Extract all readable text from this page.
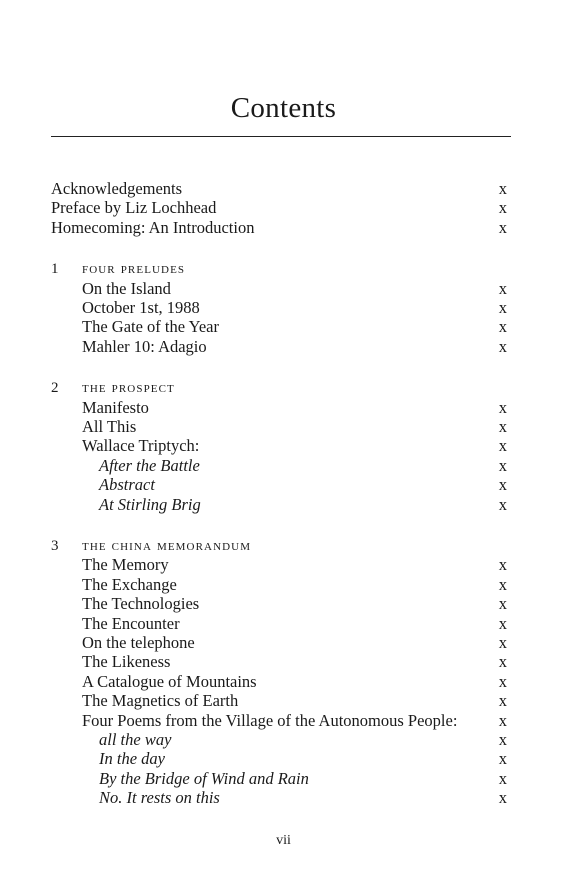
Contents
Acknowledgements	x
Preface by Liz Lochhead	x
Homecoming: An Introduction	x
1 four preludes
On the Island	x
October 1st, 1988	x
The Gate of the Year	x
Mahler 10: Adagio	x
2 the prospect
Manifesto	x
All This	x
Wallace Triptych:	x
After the Battle	x
Abstract	x
At Stirling Brig	x
3 the china memorandum
The Memory	x
The Exchange	x
The Technologies	x
The Encounter	x
On the telephone	x
The Likeness	x
A Catalogue of Mountains	x
The Magnetics of Earth	x
Four Poems from the Village of the Autonomous People:	x
all the way	x
In the day	x
By the Bridge of Wind and Rain	x
No. It rests on this	x
vii
